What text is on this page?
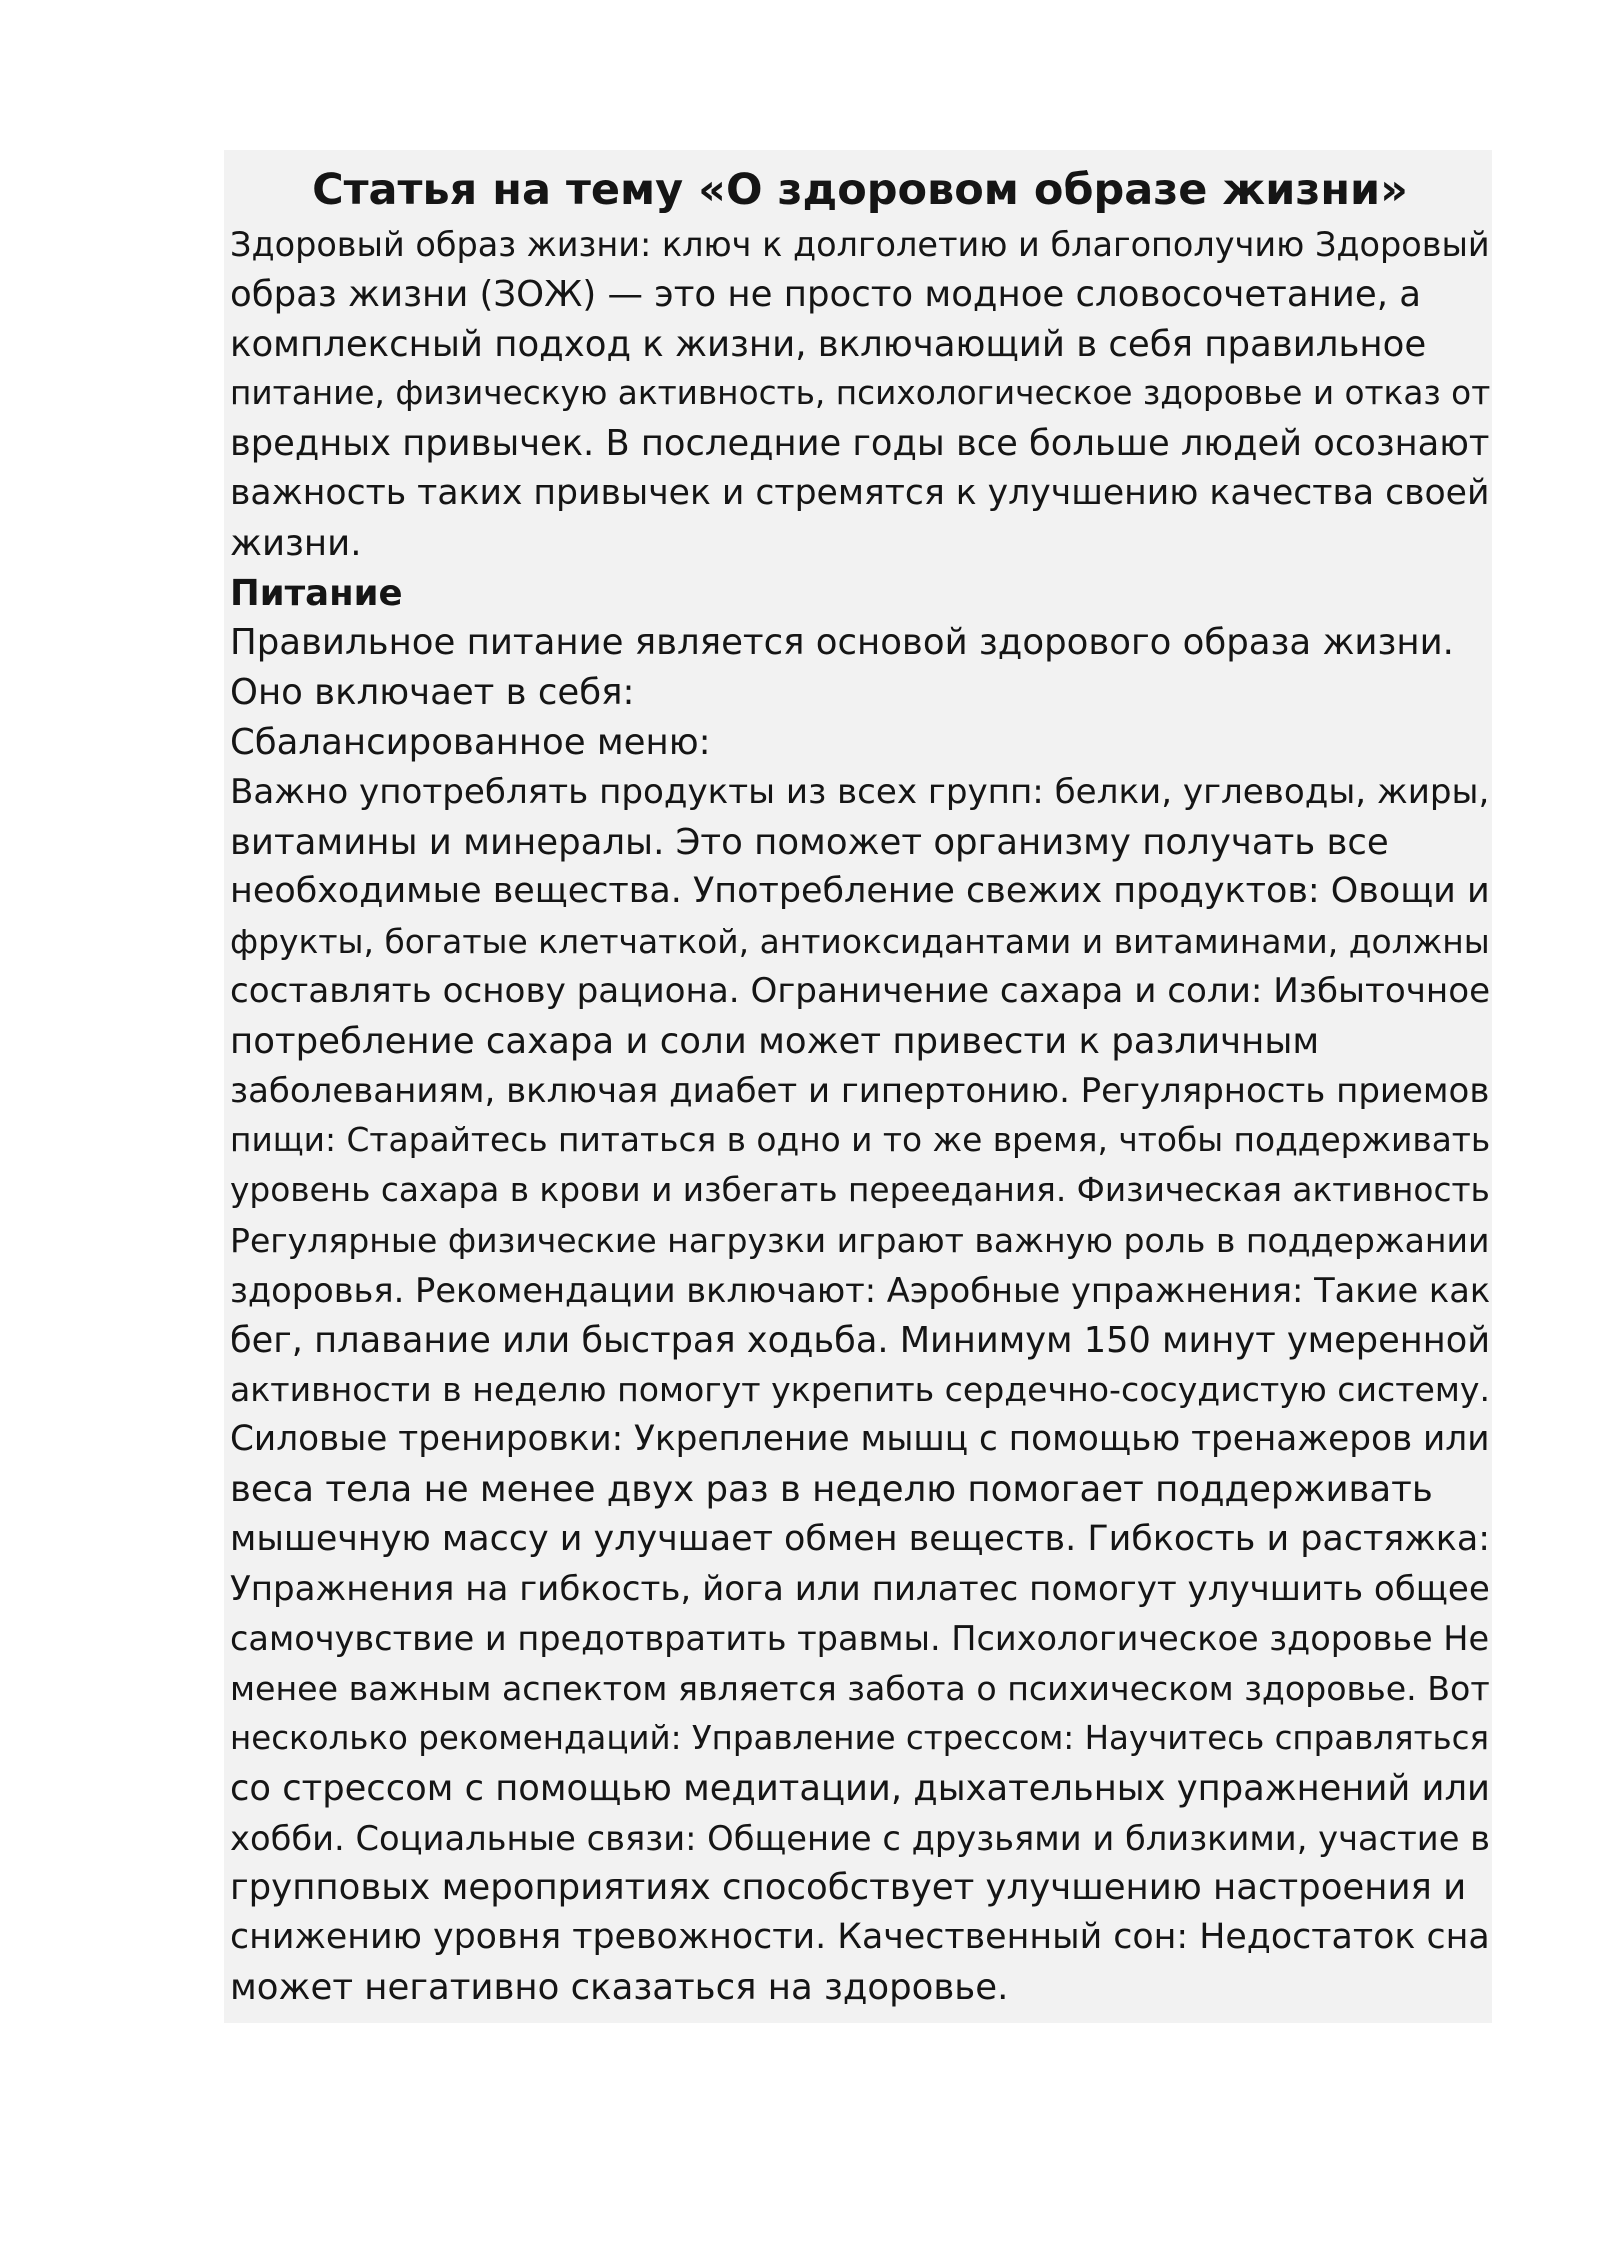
Статья на тему «О здоровом образе жизни»
Здоровый образ жизни: ключ к долголетию и благополучию Здоровый
образ жизни (ЗОЖ) — это не просто модное словосочетание, а
комплексный подход к жизни, включающий в себя правильное
питание, физическую активность, психологическое здоровье и отказ от
вредных привычек. В последние годы все больше людей осознают
важность таких привычек и стремятся к улучшению качества своей
жизни.
Питание
Правильное питание является основой здорового образа жизни.
Оно включает в себя:
Сбалансированное меню:
Важно употреблять продукты из всех групп: белки, углеводы, жиры,
витамины и минералы. Это поможет организму получать все
необходимые вещества. Употребление свежих продуктов: Овощи и
фрукты, богатые клетчаткой, антиоксидантами и витаминами, должны
составлять основу рациона. Ограничение сахара и соли: Избыточное
потребление сахара и соли может привести к различным
заболеваниям, включая диабет и гипертонию. Регулярность приемов
пищи: Старайтесь питаться в одно и то же время, чтобы поддерживать
уровень сахара в крови и избегать переедания. Физическая активность
Регулярные физические нагрузки играют важную роль в поддержании
здоровья. Рекомендации включают: Аэробные упражнения: Такие как
бег, плавание или быстрая ходьба. Минимум 150 минут умеренной
активности в неделю помогут укрепить сердечно-сосудистую систему.
Силовые тренировки: Укрепление мышц с помощью тренажеров или
веса тела не менее двух раз в неделю помогает поддерживать
мышечную массу и улучшает обмен веществ. Гибкость и растяжка:
Упражнения на гибкость, йога или пилатес помогут улучшить общее
самочувствие и предотвратить травмы. Психологическое здоровье Не
менее важным аспектом является забота о психическом здоровье. Вот
несколько рекомендаций: Управление стрессом: Научитесь справляться
со стрессом с помощью медитации, дыхательных упражнений или
хобби. Социальные связи: Общение с друзьями и близкими, участие в
групповых мероприятиях способствует улучшению настроения и
снижению уровня тревожности. Качественный сон: Недостаток сна
может негативно сказаться на здоровье.
